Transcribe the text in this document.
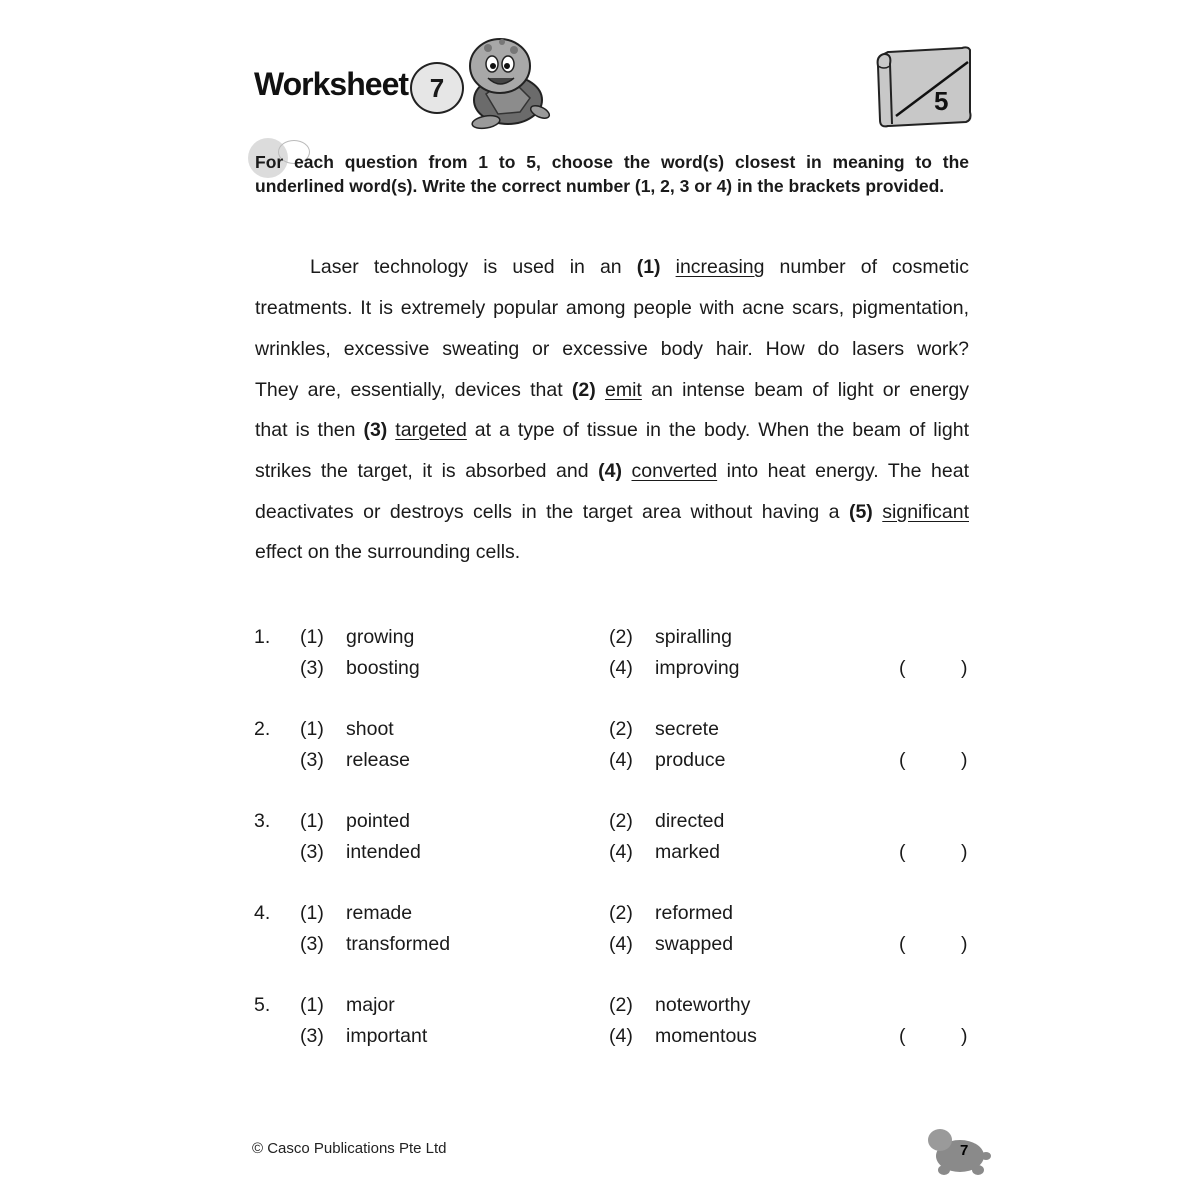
Worksheet 7	5
For each question from 1 to 5, choose the word(s) closest in meaning to the underlined word(s). Write the correct number (1, 2, 3 or 4) in the brackets provided.
Laser technology is used in an (1) increasing number of cosmetic
treatments. It is extremely popular among people with acne scars, pigmentation,
wrinkles, excessive sweating or excessive body hair. How do lasers work?
They are, essentially, devices that (2) emit an intense beam of light or energy
that is then (3) targeted at a type of tissue in the body. When the beam of light
strikes the target, it is absorbed and (4) converted into heat energy. The heat
deactivates or destroys cells in the target area without having a (5) significant
effect on the surrounding cells.
1. (1) growing	(2) spiralling
(3) boosting	(4) improving	(	)
2. (1) shoot	(2) secrete
(3) release	(4) produce	(	)
3. (1) pointed	(2) directed
(3) intended	(4) marked	(	)
4. (1) remade	(2) reformed
(3) transformed	(4) swapped	(	)
5. (1) major	(2) noteworthy
(3) important	(4) momentous	(	)
© Casco Publications Pte Ltd	7
